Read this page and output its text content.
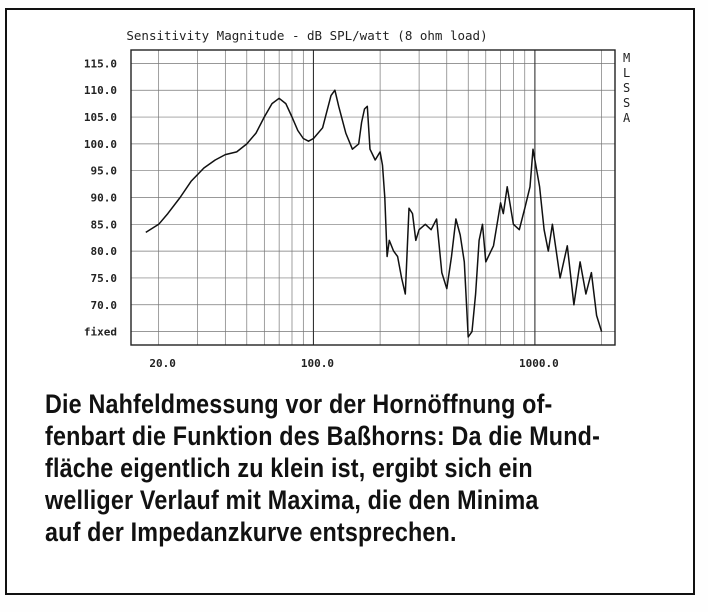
Sensitivity Magnitude - dB SPL/watt (8 ohm load)
M
L
S
S
A
fixed
70.0
75.0
80.0
85.0
90.0
95.0
100.0
105.0
110.0
115.0
20.0	100.0	1000.0
Die Nahfeldmessung vor der Hornöffnung of-
fenbart die Funktion des Baßhorns: Da die Mund-
fläche eigentlich zu klein ist, ergibt sich ein
welliger Verlauf mit Maxima, die den Minima
auf der Impedanzkurve entsprechen.
